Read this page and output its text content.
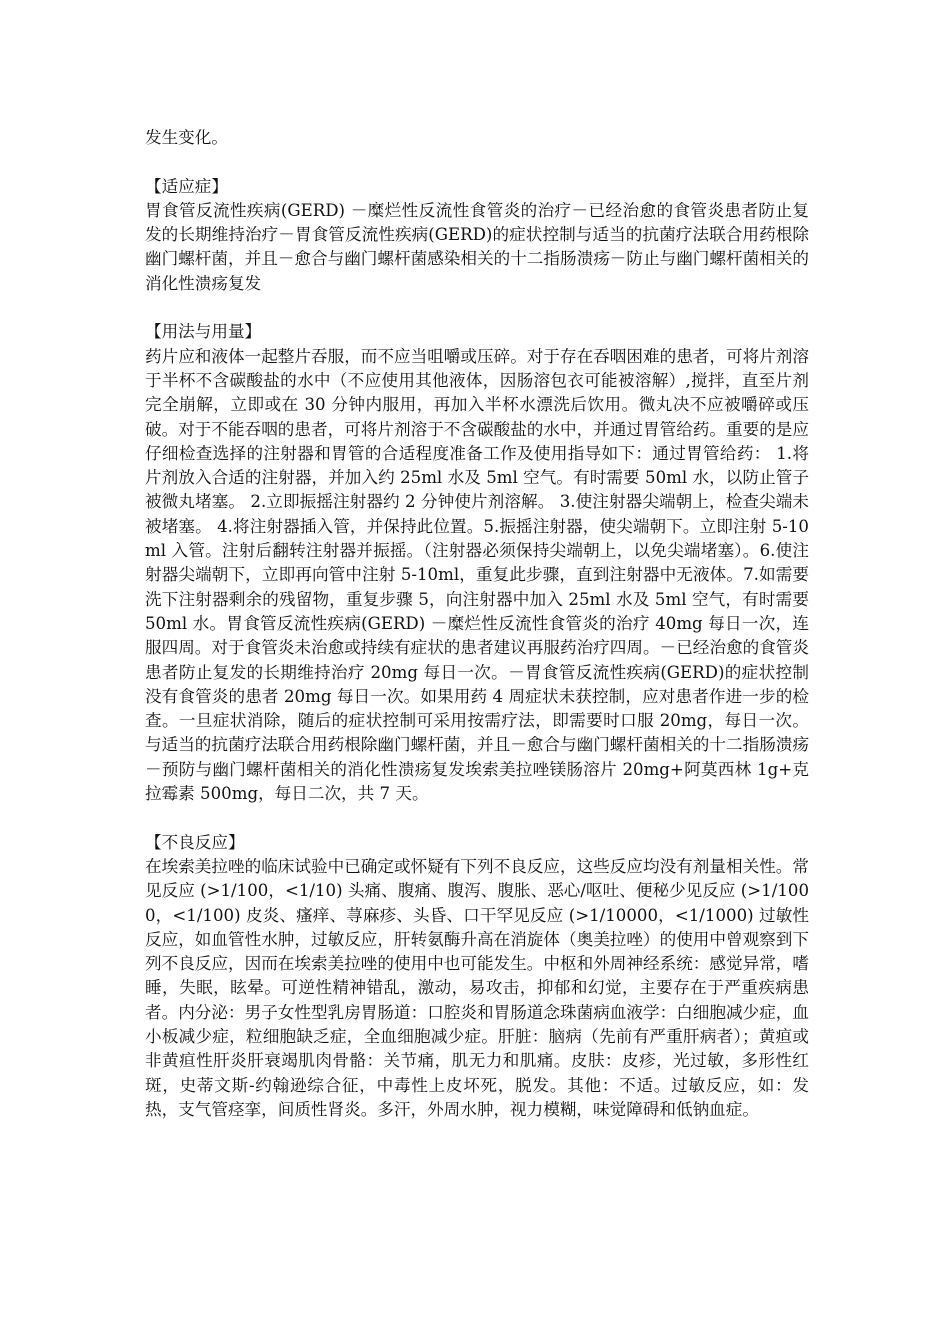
发生变化。

【适应症】

胃食管反流性疾病(GERD) －糜烂性反流性食管炎的治疗－已经治愈的食管炎患者防止复发的长期维持治疗－胃食管反流性疾病(GERD)的症状控制与适当的抗菌疗法联合用药根除幽门螺杆菌，并且－愈合与幽门螺杆菌感染相关的十二指肠溃疡－防止与幽门螺杆菌相关的消化性溃疡复发

【用法与用量】

药片应和液体一起整片吞服，而不应当咀嚼或压碎。对于存在吞咽困难的患者，可将片剂溶于半杯不含碳酸盐的水中（不应使用其他液体，因肠溶包衣可能被溶解）,搅拌，直至片剂完全崩解，立即或在 30 分钟内服用，再加入半杯水漂洗后饮用。微丸决不应被嚼碎或压破。对于不能吞咽的患者，可将片剂溶于不含碳酸盐的水中，并通过胃管给药。重要的是应仔细检查选择的注射器和胃管的合适程度准备工作及使用指导如下：通过胃管给药： 1.将片剂放入合适的注射器，并加入约 25ml 水及 5ml 空气。有时需要 50ml 水，以防止管子被微丸堵塞。 2.立即振摇注射器约 2 分钟使片剂溶解。 3.使注射器尖端朝上，检查尖端未被堵塞。 4.将注射器插入管，并保持此位置。5.振摇注射器，使尖端朝下。立即注射 5-10ml 入管。注射后翻转注射器并振摇。（注射器必须保持尖端朝上，以免尖端堵塞）。6.使注射器尖端朝下，立即再向管中注射 5-10ml，重复此步骤，直到注射器中无液体。7.如需要洗下注射器剩余的残留物，重复步骤 5，向注射器中加入 25ml 水及 5ml 空气，有时需要 50ml 水。胃食管反流性疾病(GERD) －糜烂性反流性食管炎的治疗 40mg 每日一次，连服四周。对于食管炎未治愈或持续有症状的患者建议再服药治疗四周。－已经治愈的食管炎患者防止复发的长期维持治疗 20mg 每日一次。－胃食管反流性疾病(GERD)的症状控制没有食管炎的患者 20mg 每日一次。如果用药 4 周症状未获控制，应对患者作进一步的检查。一旦症状消除，随后的症状控制可采用按需疗法，即需要时口服 20mg，每日一次。与适当的抗菌疗法联合用药根除幽门螺杆菌，并且－愈合与幽门螺杆菌相关的十二指肠溃疡－预防与幽门螺杆菌相关的消化性溃疡复发埃索美拉唑镁肠溶片 20mg+阿莫西林 1g+克拉霉素 500mg，每日二次，共 7 天。

【不良反应】

在埃索美拉唑的临床试验中已确定或怀疑有下列不良反应，这些反应均没有剂量相关性。常见反应 (>1/100，<1/10) 头痛、腹痛、腹泻、腹胀、恶心/呕吐、便秘少见反应 (>1/1000，<1/100) 皮炎、瘙痒、荨麻疹、头昏、口干罕见反应 (>1/10000，<1/1000) 过敏性反应，如血管性水肿，过敏反应，肝转氨酶升高在消旋体（奥美拉唑）的使用中曾观察到下列不良反应，因而在埃索美拉唑的使用中也可能发生。中枢和外周神经系统：感觉异常，嗜睡，失眠，眩晕。可逆性精神错乱，激动，易攻击，抑郁和幻觉，主要存在于严重疾病患者。内分泌：男子女性型乳房胃肠道：口腔炎和胃肠道念珠菌病血液学：白细胞减少症，血小板减少症，粒细胞缺乏症，全血细胞减少症。肝脏：脑病（先前有严重肝病者）；黄疸或非黄疸性肝炎肝衰竭肌肉骨骼：关节痛，肌无力和肌痛。皮肤：皮疹，光过敏，多形性红斑，史蒂文斯-约翰逊综合征，中毒性上皮坏死，脱发。其他：不适。过敏反应，如：发热，支气管痉挛，间质性肾炎。多汗，外周水肿，视力模糊，味觉障碍和低钠血症。
